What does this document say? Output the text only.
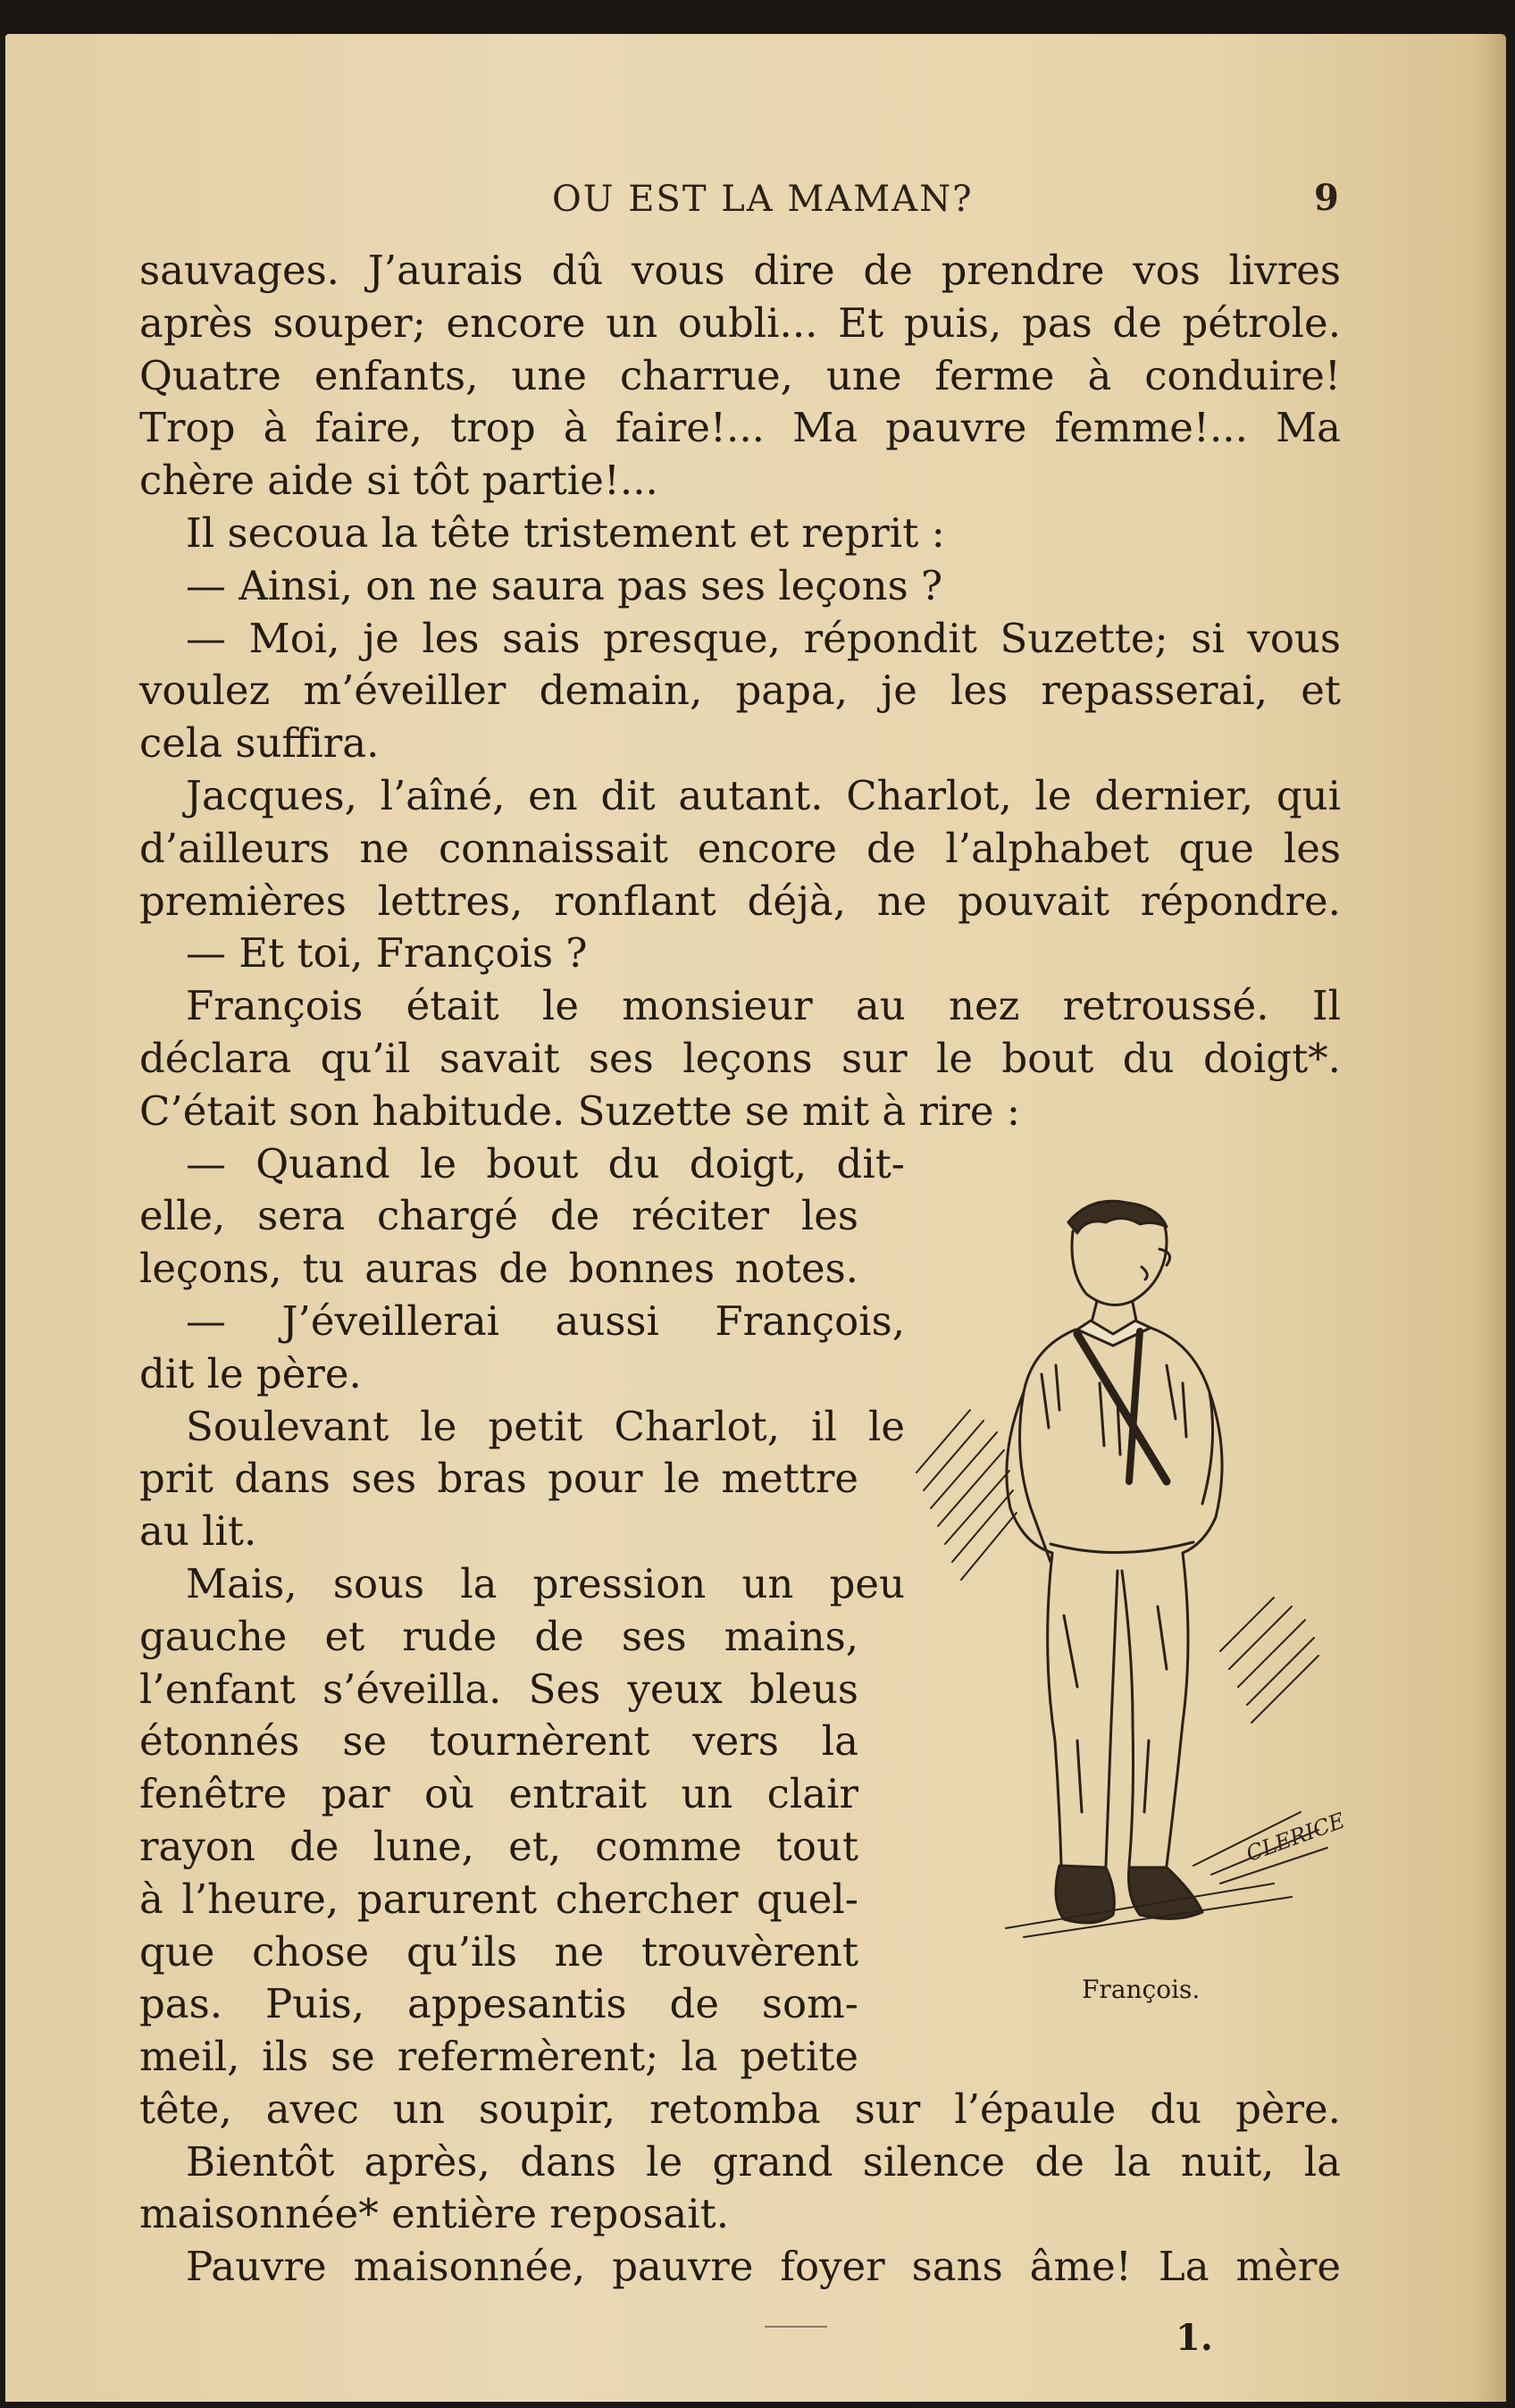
OU EST LA MAMAN?	9
sauvages. J’aurais dû vous dire de prendre vos livres
après souper; encore un oubli... Et puis, pas de pétrole.
Quatre enfants, une charrue, une ferme à conduire!
Trop à faire, trop à faire!... Ma pauvre femme!... Ma
chère aide si tôt partie!...
Il secoua la tête tristement et reprit :
— Ainsi, on ne saura pas ses leçons ?
— Moi, je les sais presque, répondit Suzette; si vous
voulez m’éveiller demain, papa, je les repasserai, et
cela suffira.
Jacques, l’aîné, en dit autant. Charlot, le dernier, qui
d’ailleurs ne connaissait encore de l’alphabet que les
premières lettres, ronflant déjà, ne pouvait répondre.
— Et toi, François ?
François était le monsieur au nez retroussé. Il
déclara qu’il savait ses leçons sur le bout du doigt*.
C’était son habitude. Suzette se mit à rire :
— Quand le bout du doigt, dit-
elle, sera chargé de réciter les
leçons, tu auras de bonnes notes.
— J’éveillerai aussi François,
dit le père.
Soulevant le petit Charlot, il le
prit dans ses bras pour le mettre
au lit.
Mais, sous la pression un peu
gauche et rude de ses mains,
l’enfant s’éveilla. Ses yeux bleus
étonnés se tournèrent vers la
fenêtre par où entrait un clair
rayon de lune, et, comme tout
à l’heure, parurent chercher quel-
que chose qu’ils ne trouvèrent
pas. Puis, appesantis de som-
meil, ils se refermèrent; la petite
tête, avec un soupir, retomba sur l’épaule du père.
Bientôt après, dans le grand silence de la nuit, la
maisonnée* entière reposait.
Pauvre maisonnée, pauvre foyer sans âme! La mère
CLERICE
François.
1.
